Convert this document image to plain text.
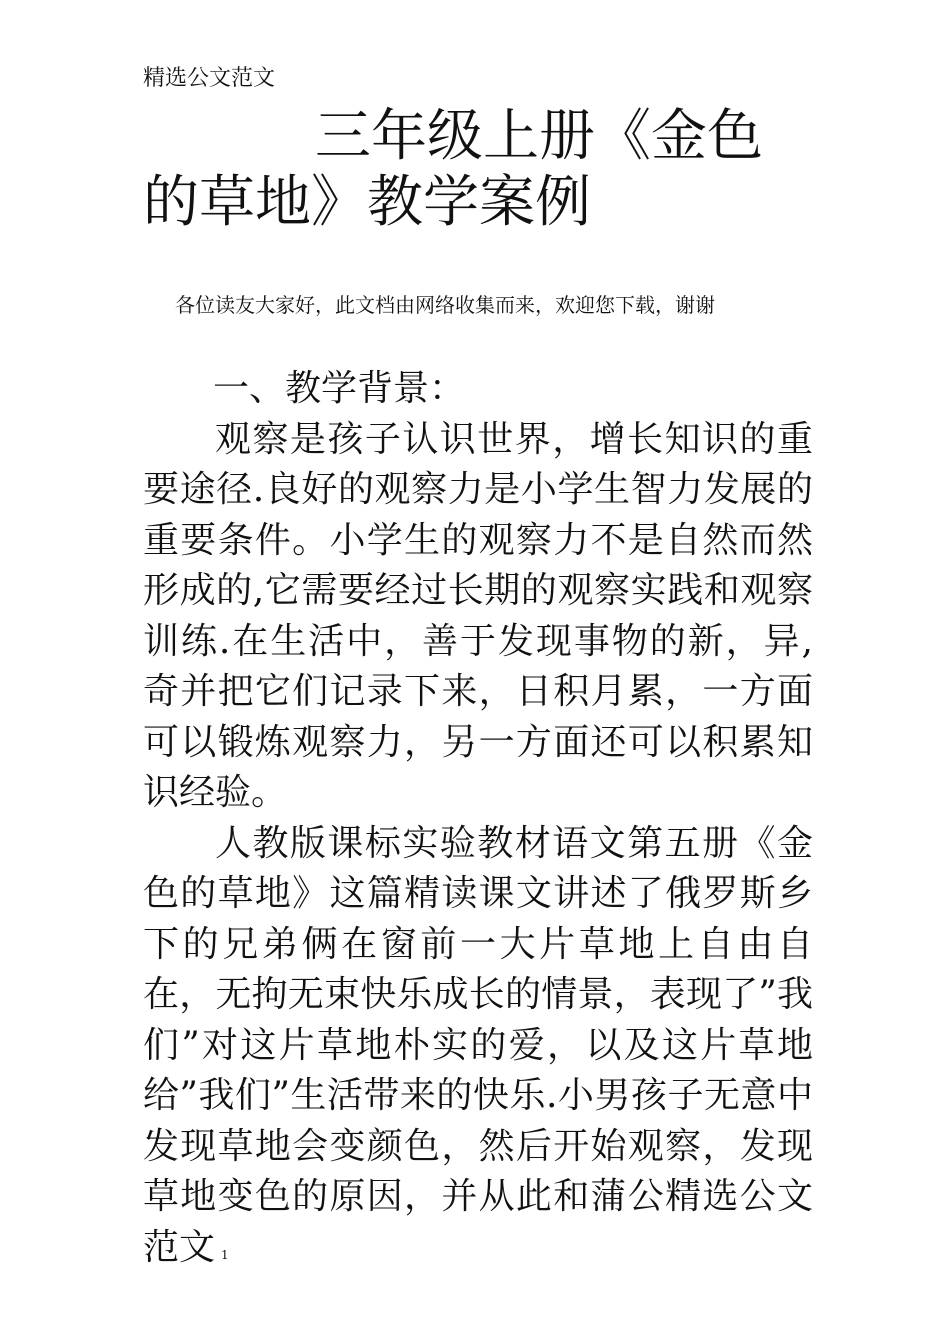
精选公文范文
三年级上册《金色
的草地》教学案例
各位读友大家好，此文档由网络收集而来，欢迎您下载，谢谢
一、教学背景：

观察是孩子认识世界，增长知识的重要途径.良好的观察力是小学生智力发展的重要条件。小学生的观察力不是自然而然形成的,它需要经过长期的观察实践和观察训练.在生活中，善于发现事物的新，异,奇并把它们记录下来，日积月累，一方面可以锻炼观察力，另一方面还可以积累知识经验。

人教版课标实验教材语文第五册《金色的草地》这篇精读课文讲述了俄罗斯乡下的兄弟俩在窗前一大片草地上自由自在，无拘无束快乐成长的情景，表现了”我们”对这片草地朴实的爱，以及这片草地给”我们”生活带来的快乐.小男孩子无意中发现草地会变颜色，然后开始观察，发现草地变色的原因，并从此和蒲公精选公文范文 1
